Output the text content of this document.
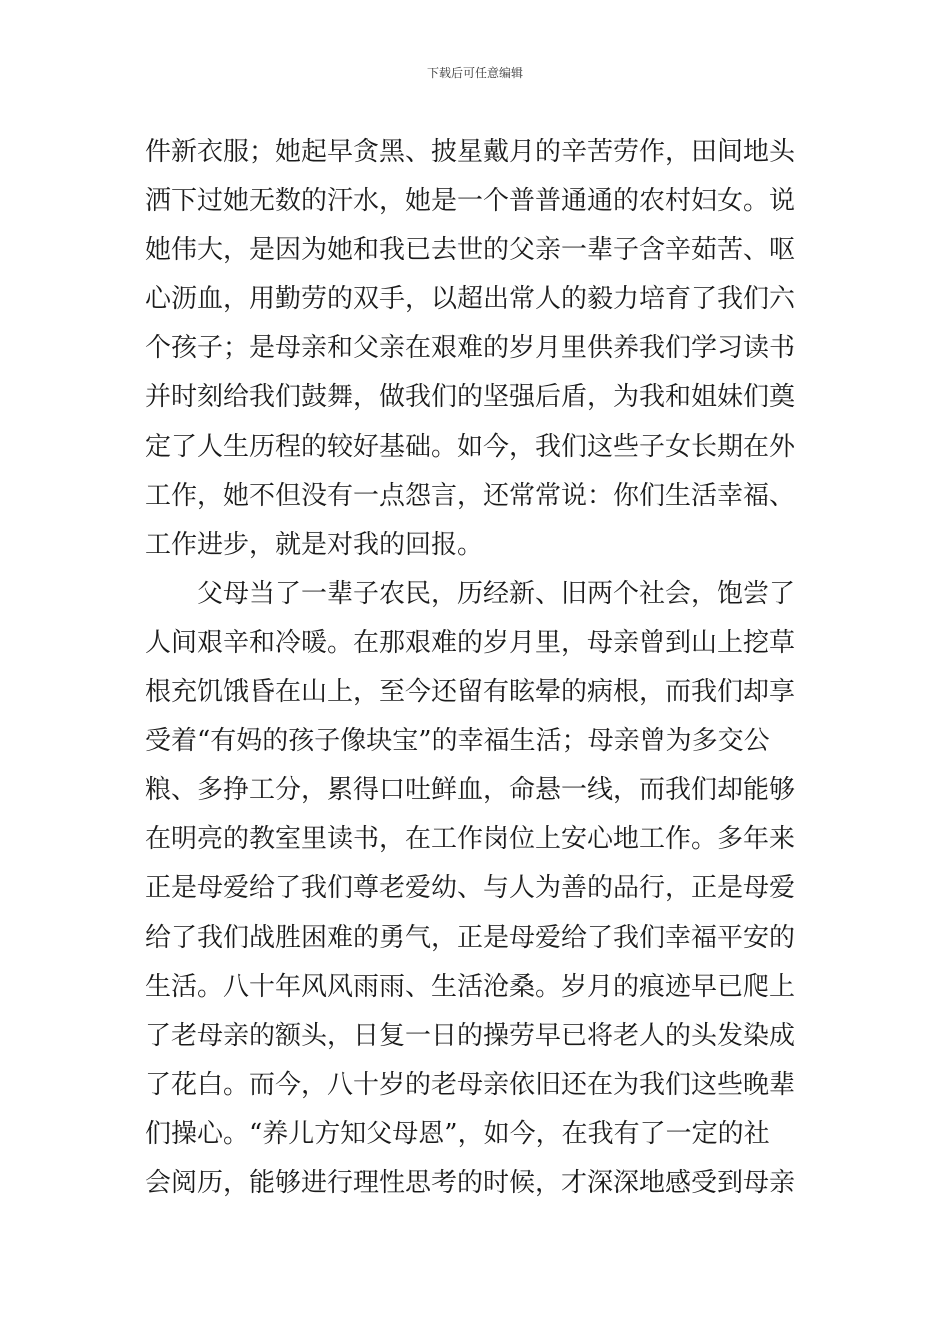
下载后可任意编辑
件新衣服；她起早贪黑、披星戴月的辛苦劳作，田间地头
洒下过她无数的汗水，她是一个普普通通的农村妇女。说
她伟大，是因为她和我已去世的父亲一辈子含辛茹苦、呕
心沥血，用勤劳的双手，以超出常人的毅力培育了我们六
个孩子；是母亲和父亲在艰难的岁月里供养我们学习读书
并时刻给我们鼓舞，做我们的坚强后盾，为我和姐妹们奠
定了人生历程的较好基础。如今，我们这些子女长期在外
工作，她不但没有一点怨言，还常常说：你们生活幸福、
工作进步，就是对我的回报。
　　父母当了一辈子农民，历经新、旧两个社会，饱尝了
人间艰辛和冷暖。在那艰难的岁月里，母亲曾到山上挖草
根充饥饿昏在山上，至今还留有眩晕的病根，而我们却享
受着“有妈的孩子像块宝”的幸福生活；母亲曾为多交公
粮、多挣工分，累得口吐鲜血，命悬一线，而我们却能够
在明亮的教室里读书，在工作岗位上安心地工作。多年来
正是母爱给了我们尊老爱幼、与人为善的品行，正是母爱
给了我们战胜困难的勇气，正是母爱给了我们幸福平安的
生活。八十年风风雨雨、生活沧桑。岁月的痕迹早已爬上
了老母亲的额头，日复一日的操劳早已将老人的头发染成
了花白。而今，八十岁的老母亲依旧还在为我们这些晚辈
们操心。“养儿方知父母恩”，如今，在我有了一定的社
会阅历，能够进行理性思考的时候，才深深地感受到母亲
